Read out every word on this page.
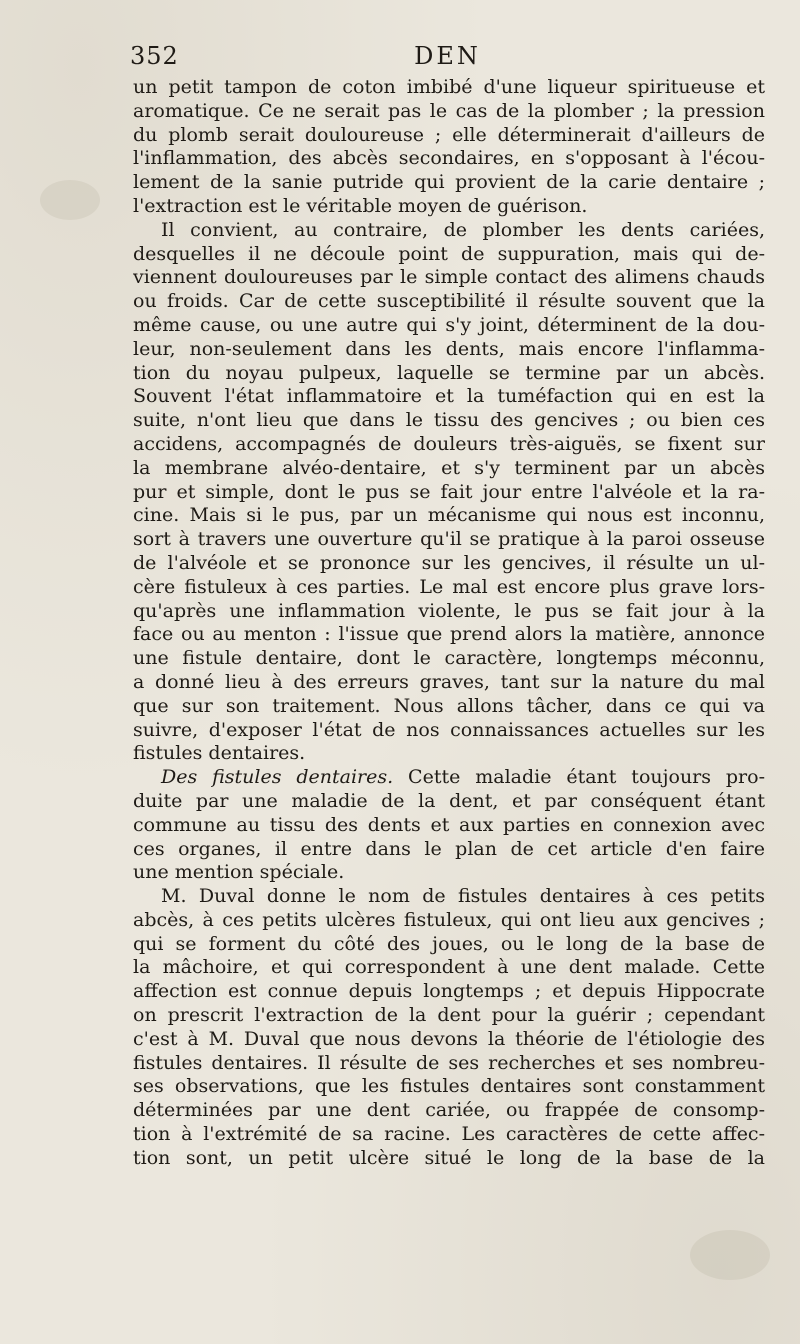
352	DEN
un petit tampon de coton imbibé d'une liqueur spiritueuse et
aromatique. Ce ne serait pas le cas de la plomber ; la pression
du plomb serait douloureuse ; elle déterminerait d'ailleurs de
l'inflammation, des abcès secondaires, en s'opposant à l'écou-
lement de la sanie putride qui provient de la carie dentaire ;
l'extraction est le véritable moyen de guérison.
Il convient, au contraire, de plomber les dents cariées,
desquelles il ne découle point de suppuration, mais qui de-
viennent douloureuses par le simple contact des alimens chauds
ou froids. Car de cette susceptibilité il résulte souvent que la
même cause, ou une autre qui s'y joint, déterminent de la dou-
leur, non-seulement dans les dents, mais encore l'inflamma-
tion du noyau pulpeux, laquelle se termine par un abcès.
Souvent l'état inflammatoire et la tuméfaction qui en est la
suite, n'ont lieu que dans le tissu des gencives ; ou bien ces
accidens, accompagnés de douleurs très-aiguës, se fixent sur
la membrane alvéo-dentaire, et s'y terminent par un abcès
pur et simple, dont le pus se fait jour entre l'alvéole et la ra-
cine. Mais si le pus, par un mécanisme qui nous est inconnu,
sort à travers une ouverture qu'il se pratique à la paroi osseuse
de l'alvéole et se prononce sur les gencives, il résulte un ul-
cère fistuleux à ces parties. Le mal est encore plus grave lors-
qu'après une inflammation violente, le pus se fait jour à la
face ou au menton : l'issue que prend alors la matière, annonce
une fistule dentaire, dont le caractère, longtemps méconnu,
a donné lieu à des erreurs graves, tant sur la nature du mal
que sur son traitement. Nous allons tâcher, dans ce qui va
suivre, d'exposer l'état de nos connaissances actuelles sur les
fistules dentaires.
Des fistules dentaires. Cette maladie étant toujours pro-
duite par une maladie de la dent, et par conséquent étant
commune au tissu des dents et aux parties en connexion avec
ces organes, il entre dans le plan de cet article d'en faire
une mention spéciale.
M. Duval donne le nom de fistules dentaires à ces petits
abcès, à ces petits ulcères fistuleux, qui ont lieu aux gencives ;
qui se forment du côté des joues, ou le long de la base de
la mâchoire, et qui correspondent à une dent malade. Cette
affection est connue depuis longtemps ; et depuis Hippocrate
on prescrit l'extraction de la dent pour la guérir ; cependant
c'est à M. Duval que nous devons la théorie de l'étiologie des
fistules dentaires. Il résulte de ses recherches et ses nombreu-
ses observations, que les fistules dentaires sont constamment
déterminées par une dent cariée, ou frappée de consomp-
tion à l'extrémité de sa racine. Les caractères de cette affec-
tion sont, un petit ulcère situé le long de la base de la
